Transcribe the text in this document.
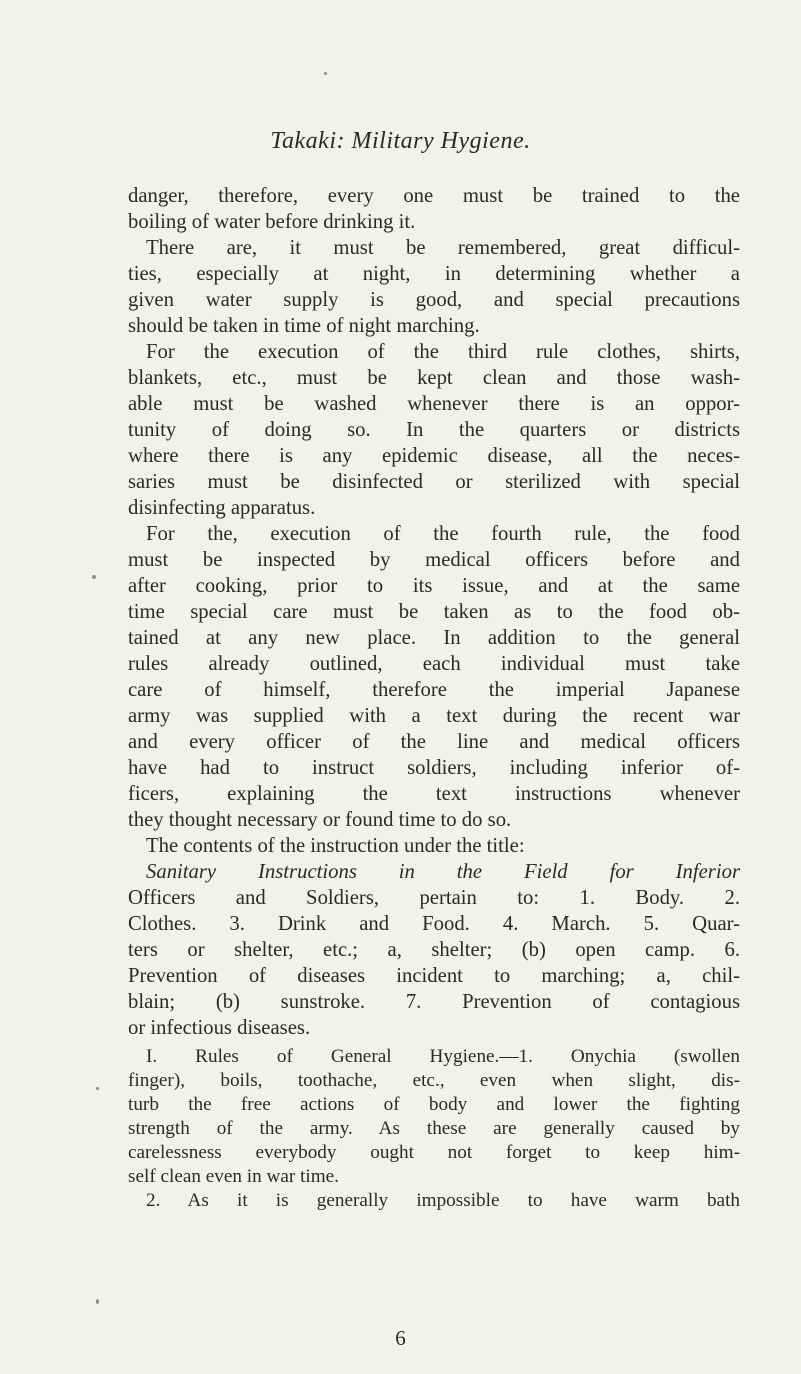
Takaki: Military Hygiene.
danger, therefore, every one must be trained to the
boiling of water before drinking it.
There are, it must be remembered, great difficul-
ties, especially at night, in determining whether a
given water supply is good, and special precautions
should be taken in time of night marching.
For the execution of the third rule clothes, shirts,
blankets, etc., must be kept clean and those wash-
able must be washed whenever there is an oppor-
tunity of doing so. In the quarters or districts
where there is any epidemic disease, all the neces-
saries must be disinfected or sterilized with special
disinfecting apparatus.
For the, execution of the fourth rule, the food
must be inspected by medical officers before and
after cooking, prior to its issue, and at the same
time special care must be taken as to the food ob-
tained at any new place. In addition to the general
rules already outlined, each individual must take
care of himself, therefore the imperial Japanese
army was supplied with a text during the recent war
and every officer of the line and medical officers
have had to instruct soldiers, including inferior of-
ficers, explaining the text instructions whenever
they thought necessary or found time to do so.
The contents of the instruction under the title:
Sanitary Instructions in the Field for Inferior
Officers and Soldiers, pertain to: 1. Body. 2.
Clothes. 3. Drink and Food. 4. March. 5. Quar-
ters or shelter, etc.; a, shelter; (b) open camp. 6.
Prevention of diseases incident to marching; a, chil-
blain; (b) sunstroke. 7. Prevention of contagious
or infectious diseases.
I. Rules of General Hygiene.—1. Onychia (swollen
finger), boils, toothache, etc., even when slight, dis-
turb the free actions of body and lower the fighting
strength of the army. As these are generally caused by
carelessness everybody ought not forget to keep him-
self clean even in war time.
2. As it is generally impossible to have warm bath
6
